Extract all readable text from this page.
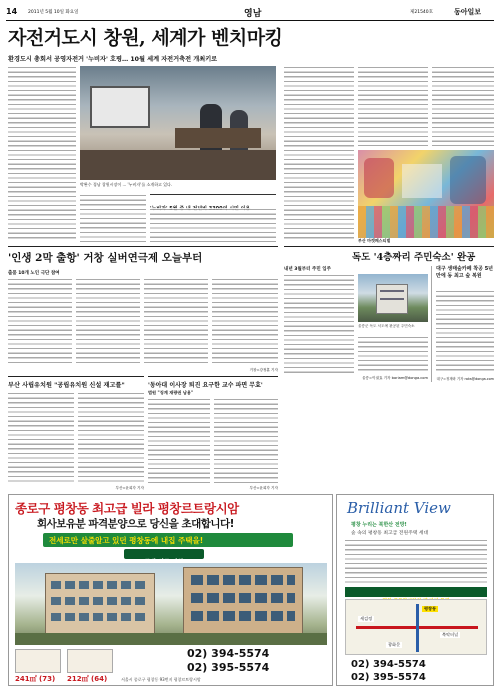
14 2011년 5월 10일 화요일	영남	제21540호	동아일보
자전거도시 창원, 세계가 벤치마킹
환경도시 총회서 공영자전거 '누비자' 호평… 10월 세계 자전거축전 개최키로
박완수 경남 창원시장이 ... '누비자'를 소개하고 있다.
부산 마켓페스티벌
독도 '4층짜리 주민숙소' 완공
내년 3월부터 주민 입주
울릉군 독도 서도에 완공된 주민숙소
울릉=이권효 기자 boriam@donga.com
대구 생태숲카페 착공 5년만에 동 최고 숲 복원
대구=정재락 기자 raks@donga.com
'인생 2막 출항' 거창 실버연극제 오늘부터
출품 10개 노인 극단 참여
거창=강정훈 기자
부산 사립유치원 "공립유치원 신설 재고를"
부산=윤희각 기자
'동아대 이사장 퇴진 요구한 교수 파면 무효'
법원 "징계 재량권 남용"
부산=윤희각 기자
종로구 평창동 최고급 빌라 평창르트랑시암
회사보유분 파격분양으로 당신을 초대합니다!
전세로만 살줄알고 있던 평창동에 내집 주택을!
241㎡ (73) 212㎡ (64)
02) 394-5574
02) 395-5574
서울시 종로구 평창동 93번지 평창르트랑시암
Brilliant View
평창 누리는 북한산 전망!
숲 속의 평창동 최고급 전원주택 세대
평창동
세검정
북악터널
광화문
02) 394-5574
02) 395-5574
